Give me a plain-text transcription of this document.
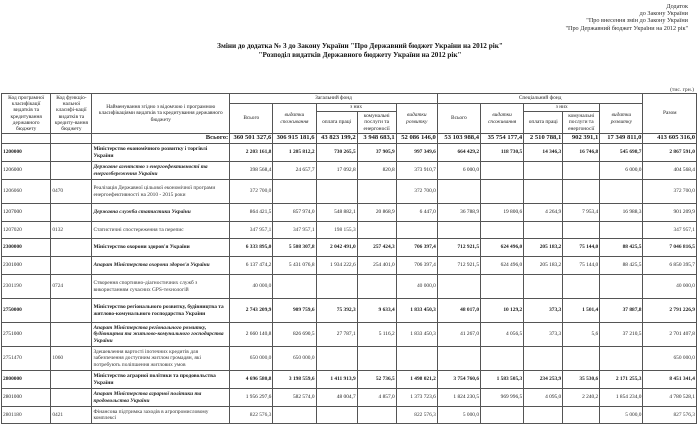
Додаток
до Закону України
"Про внесення змін до Закону України
"Про Державний бюджет України на 2012 рік"
Зміни до додатка № 3 до Закону України "Про Державний бюджет України на 2012 рік"
"Розподіл видатків Державного бюджету України на 2012 рік"
(тис. грн.)
Код програмної класифікації видатків та кредитування державного бюджету	Код функціо-нальної класифі-кації видатків та кредиту-вання бюджету	Найменування згідно з відомчою і програмною класифікаціями видатків та кредитування державного бюджету	Загальний фонд					Спеціальний фонд					Разом
			Всього	видатки споживання	з них		видатки розвитку	Всього	видатки споживання	з них		видатки розвитку	
					оплата праці	комунальні послуги та енергоносії				оплата праці	комунальні послуги та енергоносії		
		Всього:	360 501 327,6	306 915 181,6	43 823 199,2	3 948 683,1	52 086 146,0	53 103 988,4	35 754 177,4	2 510 788,1	902 391,1	17 349 811,0	413 605 316,0
1200000		Міністерство економічного розвитку і торгівлі України	2 203 161,8	1 205 812,2	730 265,5	37 905,9	997 349,6	664 429,2	118 730,5	14 346,3	16 746,8	545 698,7	2 867 591,0
1206000		Державне агентство з енергоефективності та енергозбереження України	398 568,4	24 657,7	17 092,8	820,8	373 910,7	6 000,0				6 000,0	404 568,4
1206060	0470	Реалізація Державної цільової економічної програми енергоефективності на 2010 - 2015 роки	372 700,0				372 700,0						372 700,0
1207000		Державна служба статистики України	864 421,5	857 974,0	548 882,1	20 868,9	6 447,0	36 788,9	19 800,6	4 264,9	7 953,4	16 988,3	901 209,9
1207020	0132	Статистичні спостереження та перепис	347 957,1	347 957,1	198 155,3								347 957,1
2300000		Міністерство охорони здоров'я України	6 333 895,0	5 508 307,8	2 042 491,0	257 424,3	706 397,4	712 921,5	624 496,0	205 183,2	75 144,0	88 425,5	7 046 816,5
2301000		Апарат Міністерства охорони здоров'я України	6 137 474,2	5 431 076,8	1 934 222,6	254 401,0	706 397,4	712 921,5	624 496,0	205 183,2	75 144,0	88 425,5	6 850 395,7
2301190	0724	Створення спортивно-діагностичних служб з використанням сучасних GPS-технологій	40 000,0				40 000,0						40 000,0
2750000		Міністерство регіонального розвитку, будівництва та житлово-комунального господарства України	2 743 209,9	909 759,6	75 392,3	9 633,4	1 833 450,3	48 017,0	10 129,2	373,3	1 501,4	37 887,8	2 791 226,9
2751000		Апарат Міністерства регіонального розвитку, будівництва та житлово-комунального господарства України	2 660 140,8	826 690,5	27 787,1	5 116,2	1 833 450,3	41 267,0	4 056,5	373,3	5,6	37 210,5	2 701 407,8
2751470	1060	Здешевлення вартості іпотечних кредитів для забезпечення доступним житлом громадян, які потребують поліпшення житлових умов	650 000,0	650 000,0									650 000,0
2800000		Міністерство аграрної політики та продовольства України	4 696 580,8	3 198 559,6	1 411 913,9	52 736,5	1 498 021,2	3 754 760,6	1 583 505,3	234 253,9	35 530,6	2 171 255,3	8 451 341,4
2801000		Апарат Міністерства аграрної політики та продовольства України	1 956 297,6	582 574,0	48 004,7	4 857,0	1 373 723,6	1 824 230,5	969 996,5	4 095,0	2 240,2	1 854 234,0	4 780 528,1
2801180	0421	Фінансова підтримка заходів в агропромисловому комплексі	822 576,3				822 576,3	5 000,0				5 000,0	827 576,3
